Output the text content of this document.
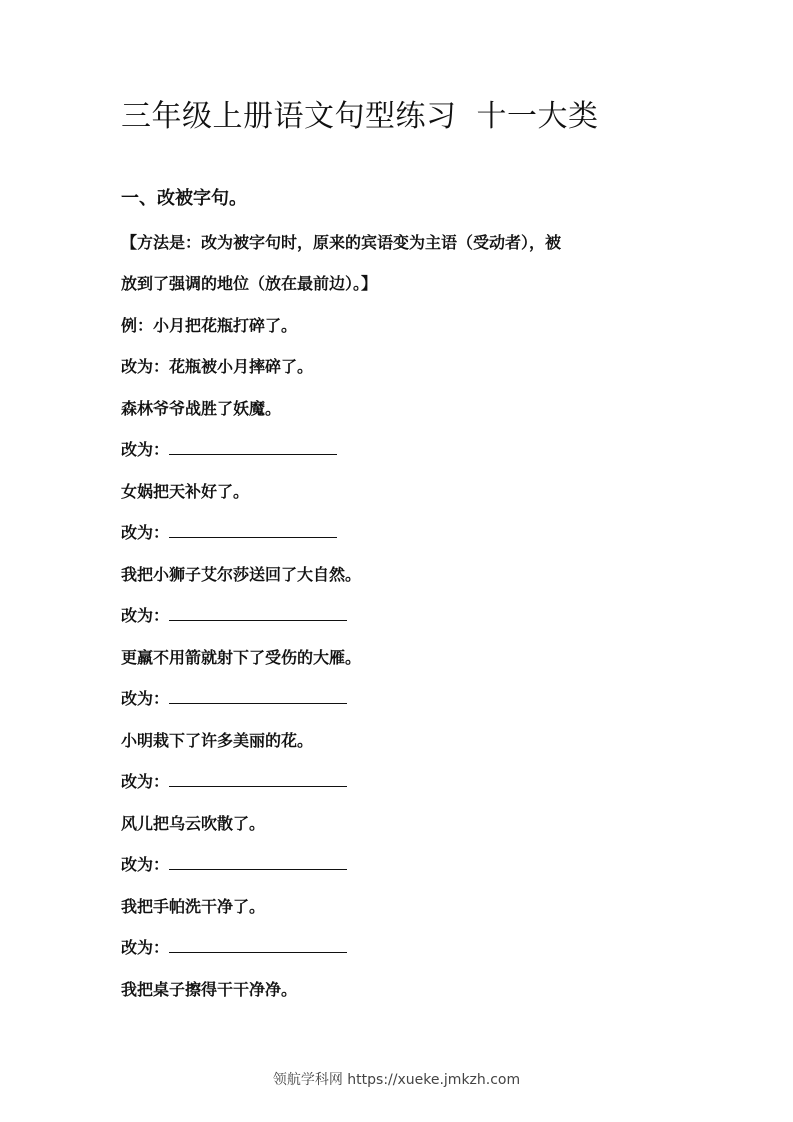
三年级上册语文句型练习 十一大类
一、改被字句。
【方法是：改为被字句时，原来的宾语变为主语（受动者），被
放到了强调的地位（放在最前边）。】
例：小月把花瓶打碎了。
改为：花瓶被小月摔碎了。
森林爷爷战胜了妖魔。
改为：
女娲把天补好了。
改为：
我把小狮子艾尔莎送回了大自然。
改为：
更羸不用箭就射下了受伤的大雁。
改为：
小明栽下了许多美丽的花。
改为：
风儿把乌云吹散了。
改为：
我把手帕洗干净了。
改为：
我把桌子擦得干干净净。
领航学科网 https://xueke.jmkzh.com
